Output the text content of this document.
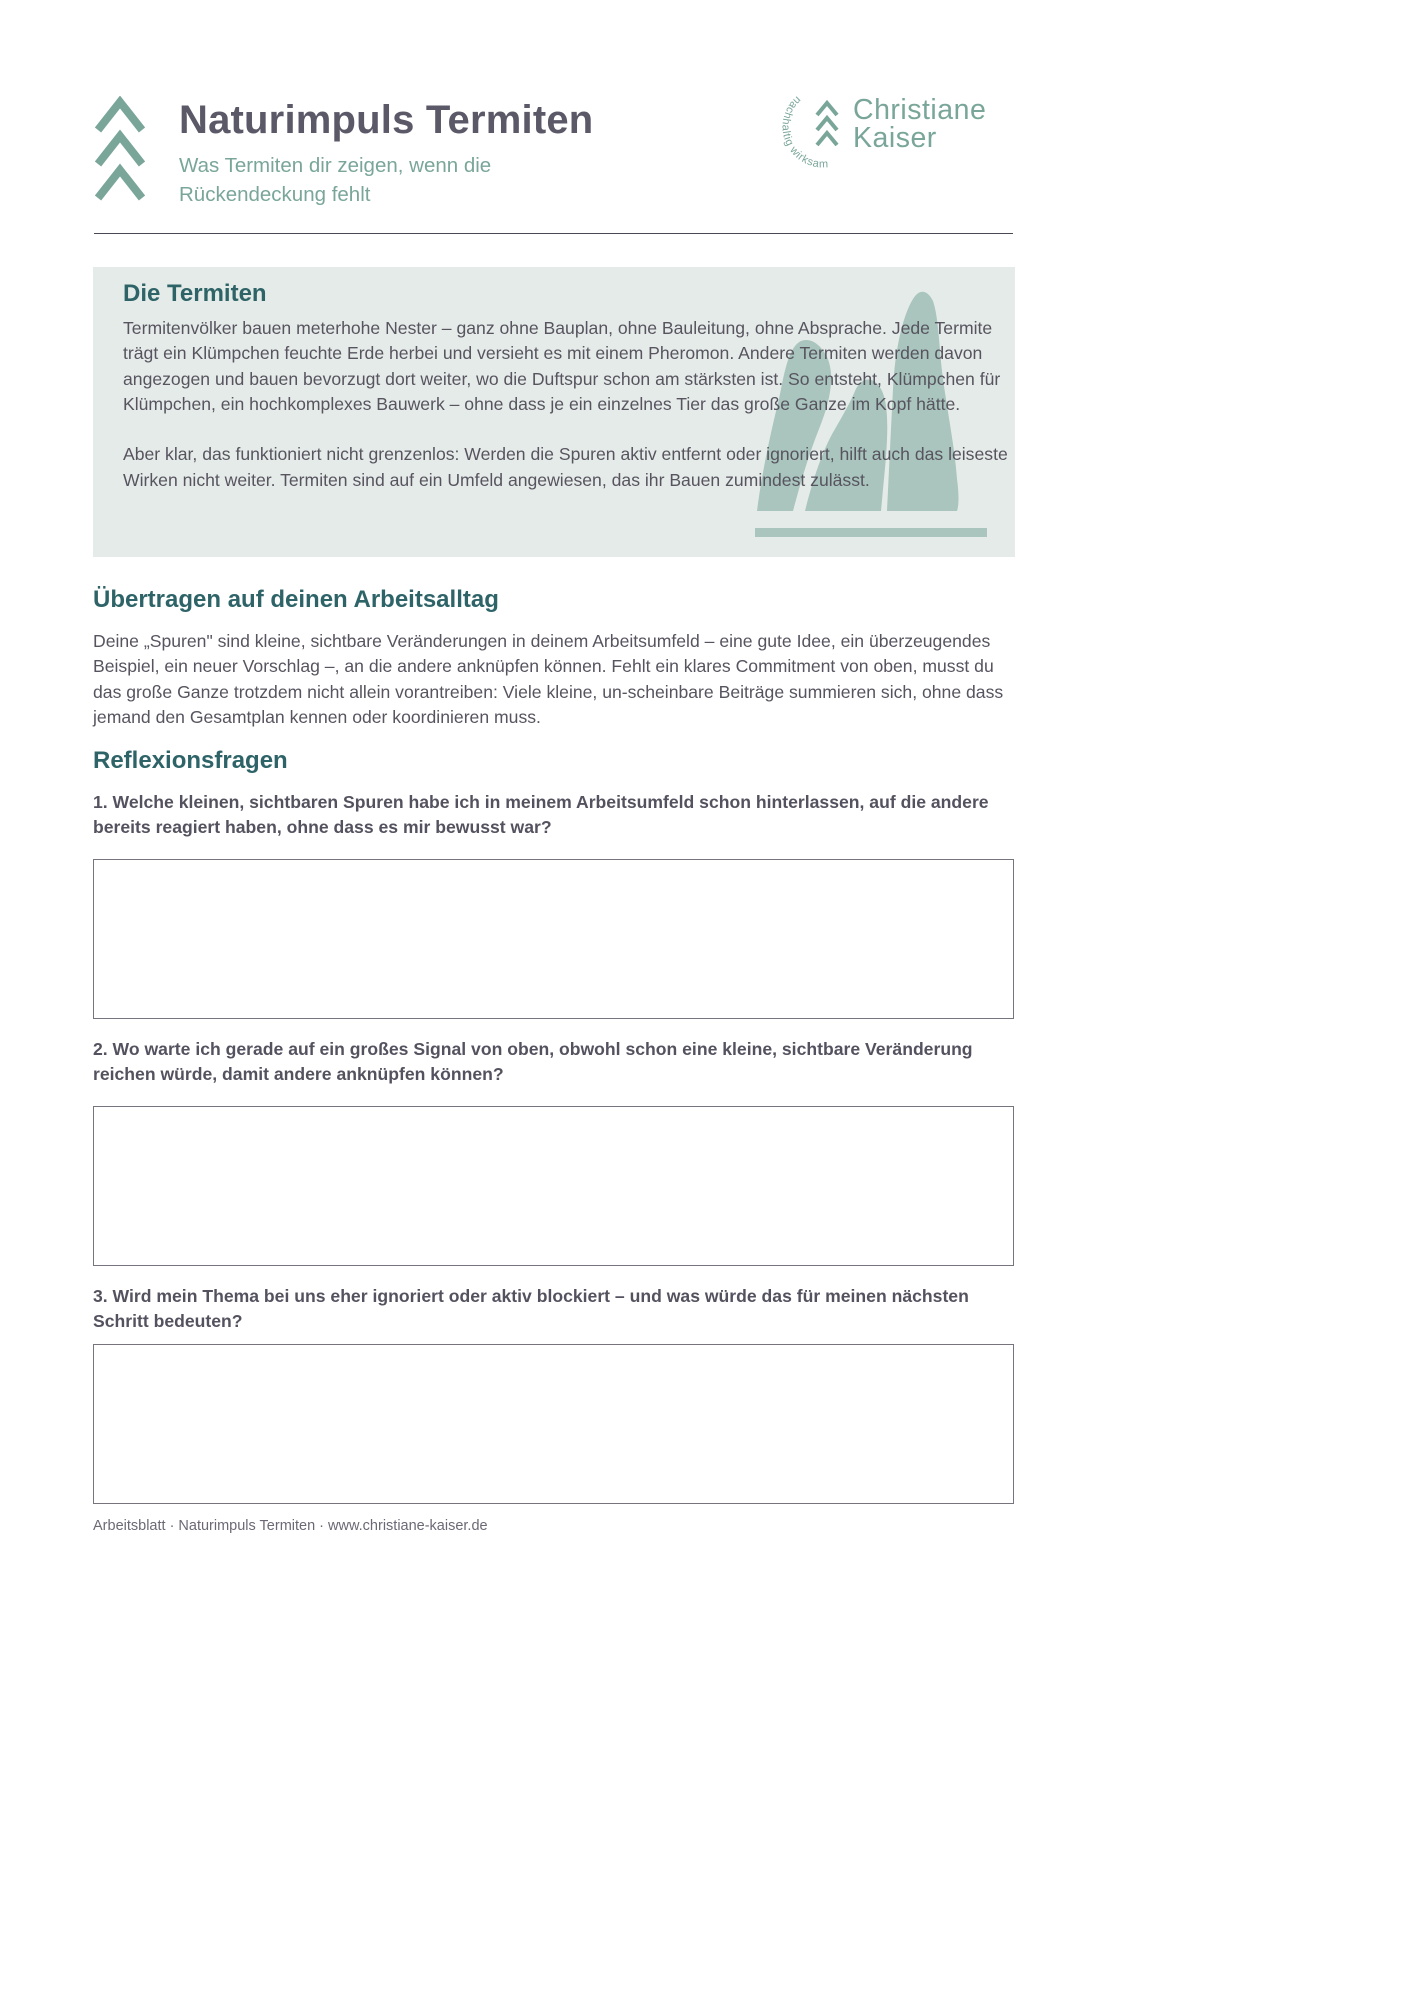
Naturimpuls Termiten
Was Termiten dir zeigen, wenn die Rückendeckung fehlt
nachhaltig wirksam
Christiane
Kaiser
Die Termiten

Termitenvölker bauen meterhohe Nester – ganz ohne Bauplan, ohne Bauleitung, ohne Absprache. Jede Termite trägt ein Klümpchen feuchte Erde herbei und versieht es mit einem Pheromon. Andere Termiten werden davon angezogen und bauen bevorzugt dort weiter, wo die Duftspur schon am stärksten ist. So entsteht, Klümpchen für Klümpchen, ein hochkomplexes Bauwerk – ohne dass je ein einzelnes Tier das große Ganze im Kopf hätte.

Aber klar, das funktioniert nicht grenzenlos: Werden die Spuren aktiv entfernt oder ignoriert, hilft auch das leiseste Wirken nicht weiter. Termiten sind auf ein Umfeld angewiesen, das ihr Bauen zumindest zulässt.

Übertragen auf deinen Arbeitsalltag

Deine „Spuren" sind kleine, sichtbare Veränderungen in deinem Arbeitsumfeld – eine gute Idee, ein überzeugendes Beispiel, ein neuer Vorschlag –, an die andere anknüpfen können. Fehlt ein klares Commitment von oben, musst du das große Ganze trotzdem nicht allein vorantreiben: Viele kleine, un-scheinbare Beiträge summieren sich, ohne dass jemand den Gesamtplan kennen oder koordinieren muss.

Reflexionsfragen

1. Welche kleinen, sichtbaren Spuren habe ich in meinem Arbeitsumfeld schon hinterlassen, auf die andere bereits reagiert haben, ohne dass es mir bewusst war?

2. Wo warte ich gerade auf ein großes Signal von oben, obwohl schon eine kleine, sichtbare Veränderung reichen würde, damit andere anknüpfen können?

3. Wird mein Thema bei uns eher ignoriert oder aktiv blockiert – und was würde das für meinen nächsten Schritt bedeuten?

Arbeitsblatt · Naturimpuls Termiten · www.christiane-kaiser.de
